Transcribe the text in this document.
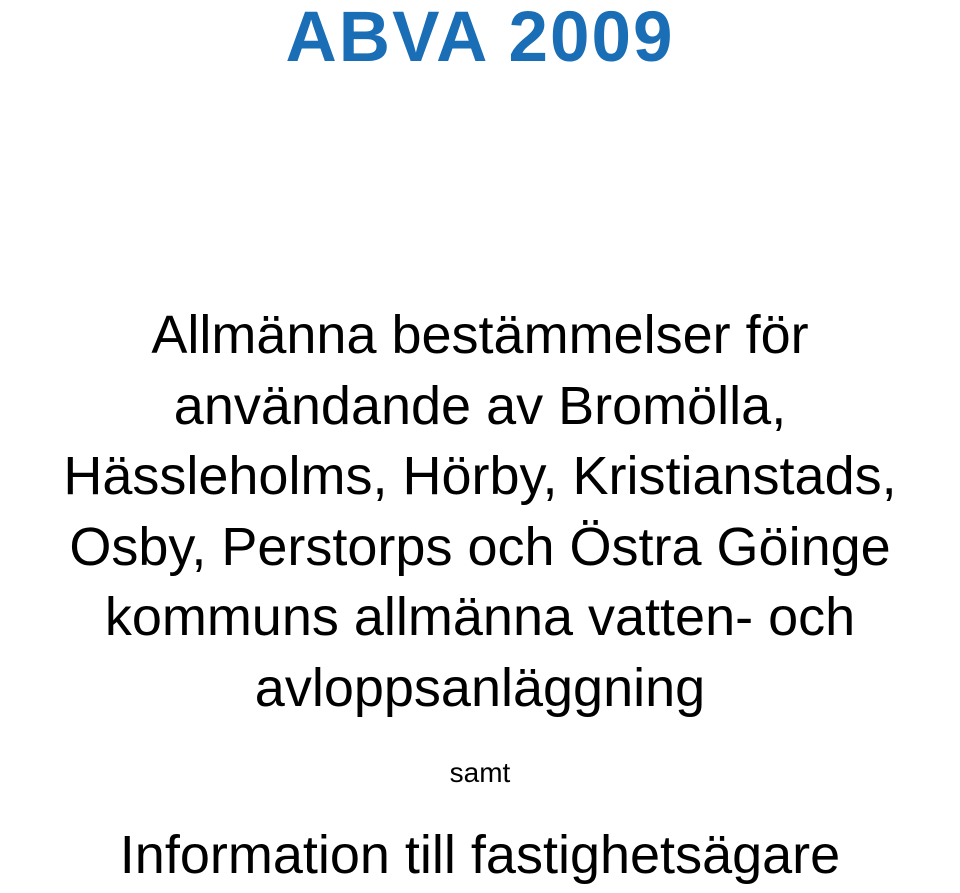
ABVA 2009
Allmänna bestämmelser för
användande av Bromölla,
Hässleholms, Hörby, Kristianstads,
Osby, Perstorps och Östra Göinge
kommuns allmänna vatten- och
avloppsanläggning

samt

Information till fastighetsägare
